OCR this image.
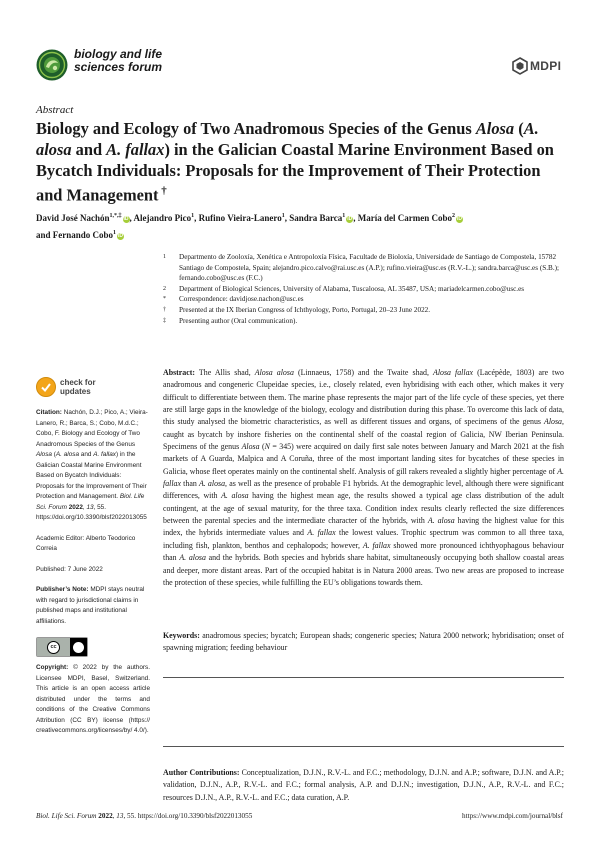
biology and life
sciences forum	MDPI
Abstract
Biology and Ecology of Two Anadromous Species of the Genus Alosa (A. alosa and A. fallax) in the Galician Coastal Marine Environment Based on Bycatch Individuals: Proposals for the Improvement of Their Protection and Management †
David José Nachón$^{1,*,\ddagger}$ iD, Alejandro Pico$^1$, Rufino Vieira-Lanero$^1$, Sandra Barca$^1$ iD, María del Carmen Cobo$^2$ iD
and Fernando Cobo$^1$ iD
1 Departmento de Zooloxía, Xenética e Antropoloxía Física, Facultade de Bioloxía, Universidade de Santiago de Compostela, 15782 Santiago de Compostela, Spain; alejandro.pico.calvo@rai.usc.es (A.P.); rufino.vieira@usc.es (R.V.-L.); sandra.barca@usc.es (S.B.); fernando.cobo@usc.es (F.C.)
2 Department of Biological Sciences, University of Alabama, Tuscaloosa, AL 35487, USA; mariadelcarmen.cobo@usc.es
* Correspondence: davidjose.nachon@usc.es
† Presented at the IX Iberian Congress of Ichthyology, Porto, Portugal, 20–23 June 2022.
‡ Presenting author (Oral communication).
check for
updates

Citation: Nachón, D.J.; Pico, A.; Vieira-Lanero, R.; Barca, S.; Cobo, M.d.C.; Cobo, F. Biology and Ecology of Two Anadromous Species of the Genus Alosa (A. alosa and A. fallax) in the Galician Coastal Marine Environment Based on Bycatch Individuals: Proposals for the Improvement of Their Protection and Management. Biol. Life Sci. Forum 2022, 13, 55. https://doi.org/10.3390/blsf2022013055

Academic Editor: Alberto Teodorico Correia

Published: 7 June 2022

Publisher’s Note: MDPI stays neutral with regard to jurisdictional claims in published maps and institutional affiliations.

cc

Copyright: © 2022 by the authors. Licensee MDPI, Basel, Switzerland. This article is an open access article distributed under the terms and conditions of the Creative Commons Attribution (CC BY) license (https:// creativecommons.org/licenses/by/ 4.0/).

Abstract: The Allis shad, Alosa alosa (Linnaeus, 1758) and the Twaite shad, Alosa fallax (Lacépède, 1803) are two anadromous and congeneric Clupeidae species, i.e., closely related, even hybridising with each other, which makes it very difficult to differentiate between them. The marine phase represents the major part of the life cycle of these species, yet there are still large gaps in the knowledge of the biology, ecology and distribution during this phase. To overcome this lack of data, this study analysed the biometric characteristics, as well as different tissues and organs, of specimens of the genus Alosa, caught as bycatch by inshore fisheries on the continental shelf of the coastal region of Galicia, NW Iberian Peninsula. Specimens of the genus Alosa (N = 345) were acquired on daily first sale notes between January and March 2021 at the fish markets of A Guarda, Malpica and A Coruña, three of the most important landing sites for bycatches of these species in Galicia, whose fleet operates mainly on the continental shelf. Analysis of gill rakers revealed a slightly higher percentage of A. fallax than A. alosa, as well as the presence of probable F1 hybrids. At the demographic level, although there were significant differences, with A. alosa having the highest mean age, the results showed a typical age class distribution of the adult contingent, at the age of sexual maturity, for the three taxa. Condition index results clearly reflected the size differences between the parental species and the intermediate character of the hybrids, with A. alosa having the highest value for this index, the hybrids intermediate values and A. fallax the lowest values. Trophic spectrum was common to all three taxa, including fish, plankton, benthos and cephalopods; however, A. fallax showed more pronounced ichthyophagous behaviour than A. alosa and the hybrids. Both species and hybrids share habitat, simultaneously occupying both shallow coastal areas and deeper, more distant areas. Part of the occupied habitat is in Natura 2000 areas. Two new areas are proposed to increase the protection of these species, while fulfilling the EU’s obligations towards them.
Keywords: anadromous species; bycatch; European shads; congeneric species; Natura 2000 network; hybridisation; onset of spawning migration; feeding behaviour
Author Contributions: Conceptualization, D.J.N., R.V.-L. and F.C.; methodology, D.J.N. and A.P.; software, D.J.N. and A.P.; validation, D.J.N., A.P., R.V.-L. and F.C.; formal analysis, A.P. and D.J.N.; investigation, D.J.N., A.P., R.V.-L. and F.C.; resources D.J.N., A.P., R.V.-L. and F.C.; data curation, A.P.
Biol. Life Sci. Forum 2022, 13, 55. https://doi.org/10.3390/blsf2022013055	https://www.mdpi.com/journal/blsf
